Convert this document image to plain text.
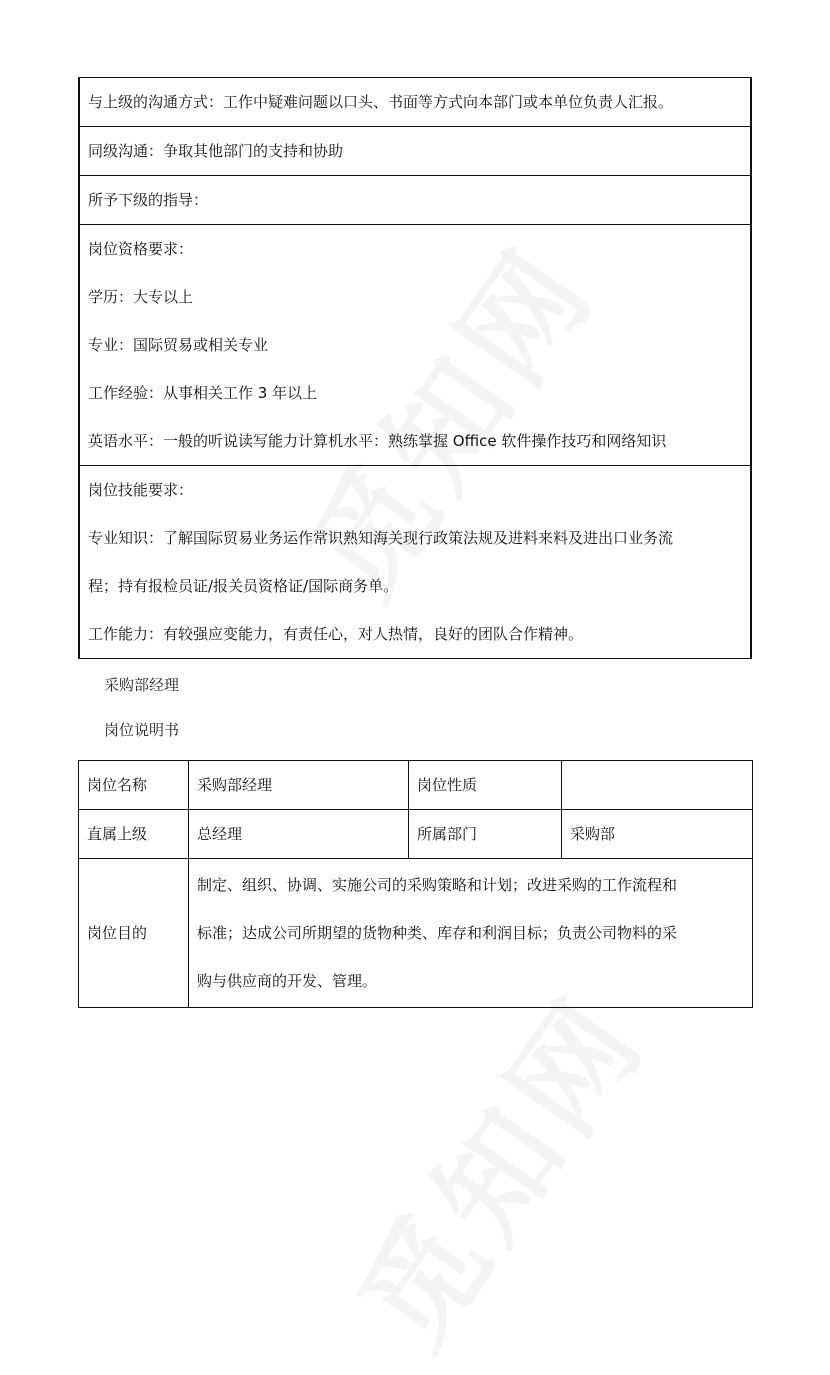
与上级的沟通方式：工作中疑难问题以口头、书面等方式向本部门或本单位负责人汇报。
同级沟通：争取其他部门的支持和协助
所予下级的指导：

岗位资格要求：
学历：大专以上
专业：国际贸易或相关专业
工作经验：从事相关工作 3 年以上
英语水平：一般的听说读写能力计算机水平：熟练掌握 Office 软件操作技巧和网络知识

岗位技能要求：
专业知识：了解国际贸易业务运作常识熟知海关现行政策法规及进料来料及进出口业务流
程；持有报检员证/报关员资格证/国际商务单。
工作能力：有较强应变能力，有责任心，对人热情，良好的团队合作精神。
采购部经理
岗位说明书
岗位名称	采购部经理	岗位性质	
直属上级	总经理	所属部门	采购部
岗位目的	制定、组织、协调、实施公司的采购策略和计划；改进采购的工作流程和
标准；达成公司所期望的货物种类、库存和利润目标；负责公司物料的采
购与供应商的开发、管理。		
